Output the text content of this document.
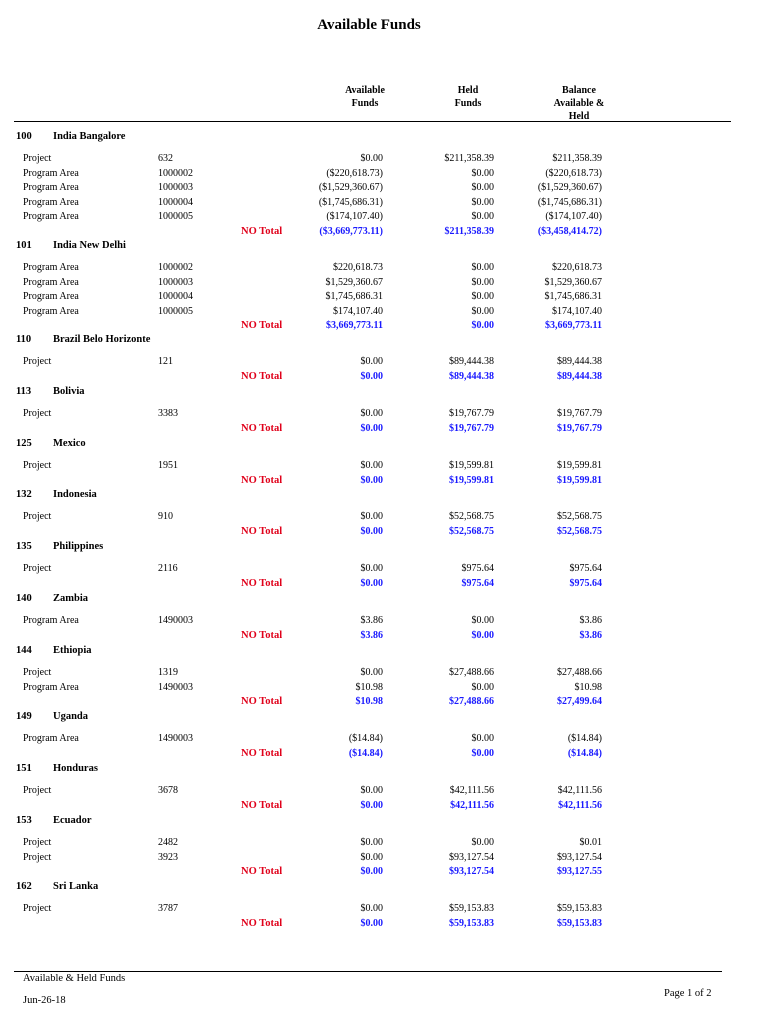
Available Funds
Available
Funds
Held
Funds
Balance
Available &
Held
100 India Bangalore
Project	632	$0.00	$211,358.39	$211,358.39
Program Area	1000002	($220,618.73)	$0.00	($220,618.73)
Program Area	1000003	($1,529,360.67)	$0.00	($1,529,360.67)
Program Area	1000004	($1,745,686.31)	$0.00	($1,745,686.31)
Program Area	1000005	($174,107.40)	$0.00	($174,107.40)
NO Total	($3,669,773.11)	$211,358.39	($3,458,414.72)
101 India New Delhi
Program Area	1000002	$220,618.73	$0.00	$220,618.73
Program Area	1000003	$1,529,360.67	$0.00	$1,529,360.67
Program Area	1000004	$1,745,686.31	$0.00	$1,745,686.31
Program Area	1000005	$174,107.40	$0.00	$174,107.40
NO Total	$3,669,773.11	$0.00	$3,669,773.11
110 Brazil Belo Horizonte
Project	121	$0.00	$89,444.38	$89,444.38
NO Total	$0.00	$89,444.38	$89,444.38
113 Bolivia
Project	3383	$0.00	$19,767.79	$19,767.79
NO Total	$0.00	$19,767.79	$19,767.79
125 Mexico
Project	1951	$0.00	$19,599.81	$19,599.81
NO Total	$0.00	$19,599.81	$19,599.81
132 Indonesia
Project	910	$0.00	$52,568.75	$52,568.75
NO Total	$0.00	$52,568.75	$52,568.75
135 Philippines
Project	2116	$0.00	$975.64	$975.64
NO Total	$0.00	$975.64	$975.64
140 Zambia
Program Area	1490003	$3.86	$0.00	$3.86
NO Total	$3.86	$0.00	$3.86
144 Ethiopia
Project	1319	$0.00	$27,488.66	$27,488.66
Program Area	1490003	$10.98	$0.00	$10.98
NO Total	$10.98	$27,488.66	$27,499.64
149 Uganda
Program Area	1490003	($14.84)	$0.00	($14.84)
NO Total	($14.84)	$0.00	($14.84)
151 Honduras
Project	3678	$0.00	$42,111.56	$42,111.56
NO Total	$0.00	$42,111.56	$42,111.56
153 Ecuador
Project	2482	$0.00	$0.00	$0.01
Project	3923	$0.00	$93,127.54	$93,127.54
NO Total	$0.00	$93,127.54	$93,127.55
162 Sri Lanka
Project	3787	$0.00	$59,153.83	$59,153.83
NO Total	$0.00	$59,153.83	$59,153.83
Available & Held Funds
Jun-26-18
Page 1 of 2
